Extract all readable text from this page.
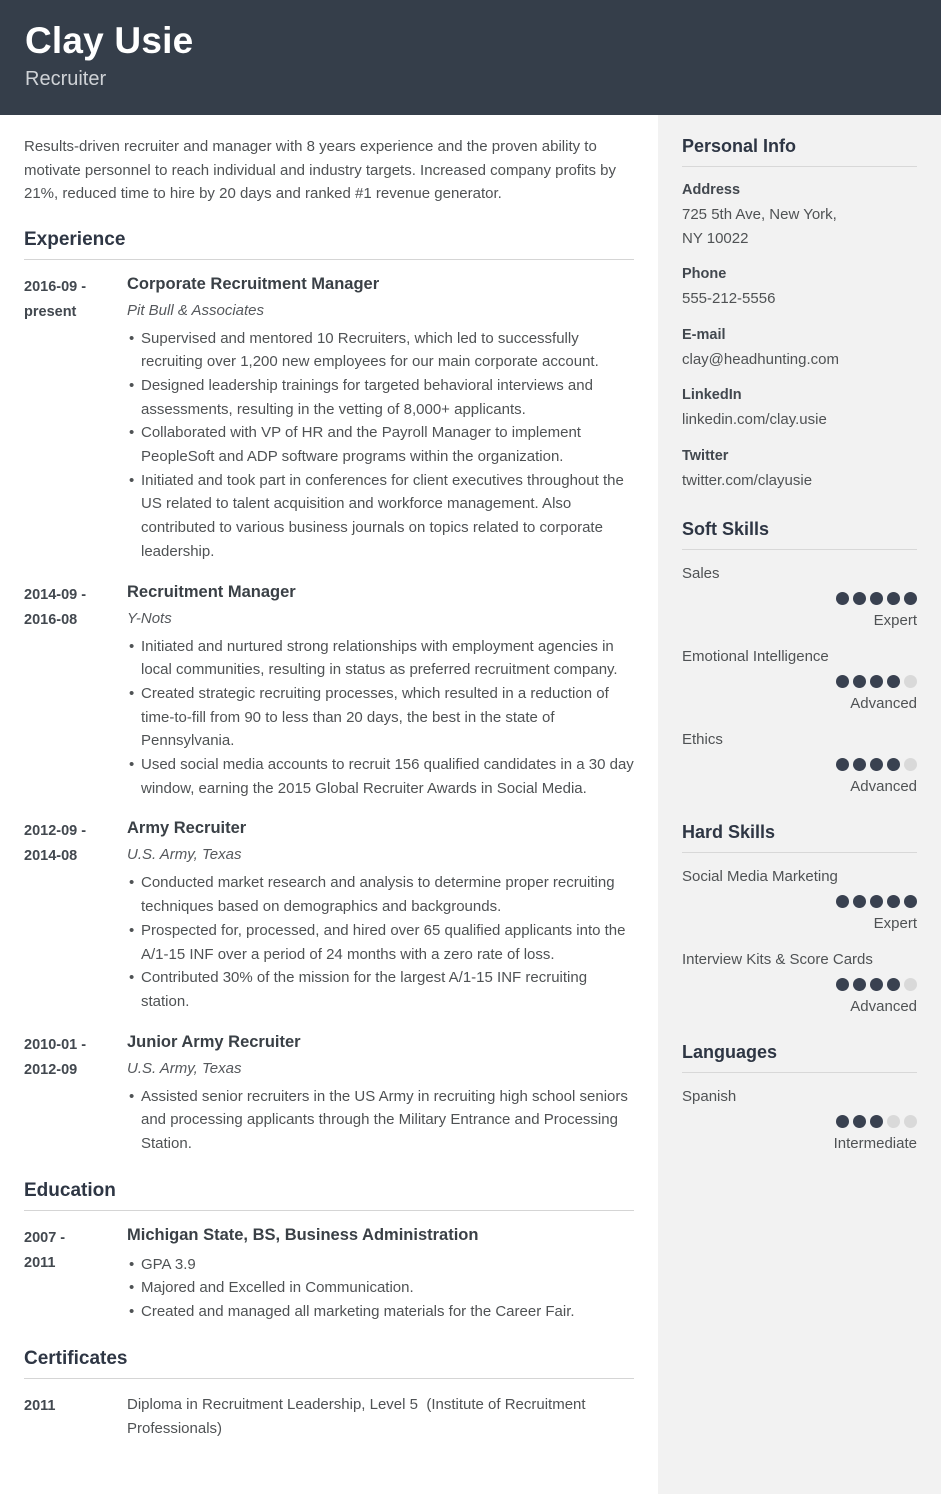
Clay Usie
Recruiter

Results-driven recruiter and manager with 8 years experience and the proven ability to motivate personnel to reach individual and industry targets. Increased company profits by 21%, reduced time to hire by 20 days and ranked #1 revenue generator.

Experience
2016-09 -
present
Corporate Recruitment Manager
Pit Bull & Associates
• Supervised and mentored 10 Recruiters, which led to successfully recruiting over 1,200 new employees for our main corporate account.
• Designed leadership trainings for targeted behavioral interviews and assessments, resulting in the vetting of 8,000+ applicants.
• Collaborated with VP of HR and the Payroll Manager to implement PeopleSoft and ADP software programs within the organization.
• Initiated and took part in conferences for client executives throughout the US related to talent acquisition and workforce management. Also contributed to various business journals on topics related to corporate leadership.
2014-09 -
2016-08
Recruitment Manager
Y-Nots
• Initiated and nurtured strong relationships with employment agencies in local communities, resulting in status as preferred recruitment company.
• Created strategic recruiting processes, which resulted in a reduction of time-to-fill from 90 to less than 20 days, the best in the state of Pennsylvania.
• Used social media accounts to recruit 156 qualified candidates in a 30 day window, earning the 2015 Global Recruiter Awards in Social Media.
2012-09 -
2014-08
Army Recruiter
U.S. Army, Texas
• Conducted market research and analysis to determine proper recruiting techniques based on demographics and backgrounds.
• Prospected for, processed, and hired over 65 qualified applicants into the A/1-15 INF over a period of 24 months with a zero rate of loss.
• Contributed 30% of the mission for the largest A/1-15 INF recruiting station.
2010-01 -
2012-09
Junior Army Recruiter
U.S. Army, Texas
• Assisted senior recruiters in the US Army in recruiting high school seniors and processing applicants through the Military Entrance and Processing Station.
Education
2007 -
2011
Michigan State, BS, Business Administration
• GPA 3.9
• Majored and Excelled in Communication.
• Created and managed all marketing materials for the Career Fair.
Certificates
2011	Diploma in Recruitment Leadership, Level 5  (Institute of Recruitment Professionals)
Personal Info
Address
725 5th Ave, New York,
NY 10022
Phone
555-212-5556
E-mail
clay@headhunting.com
LinkedIn
linkedin.com/clay.usie
Twitter
twitter.com/clayusie
Soft Skills
Sales
Expert
Emotional Intelligence
Advanced
Ethics
Advanced
Hard Skills
Social Media Marketing
Expert
Interview Kits & Score Cards
Advanced
Languages
Spanish
Intermediate
